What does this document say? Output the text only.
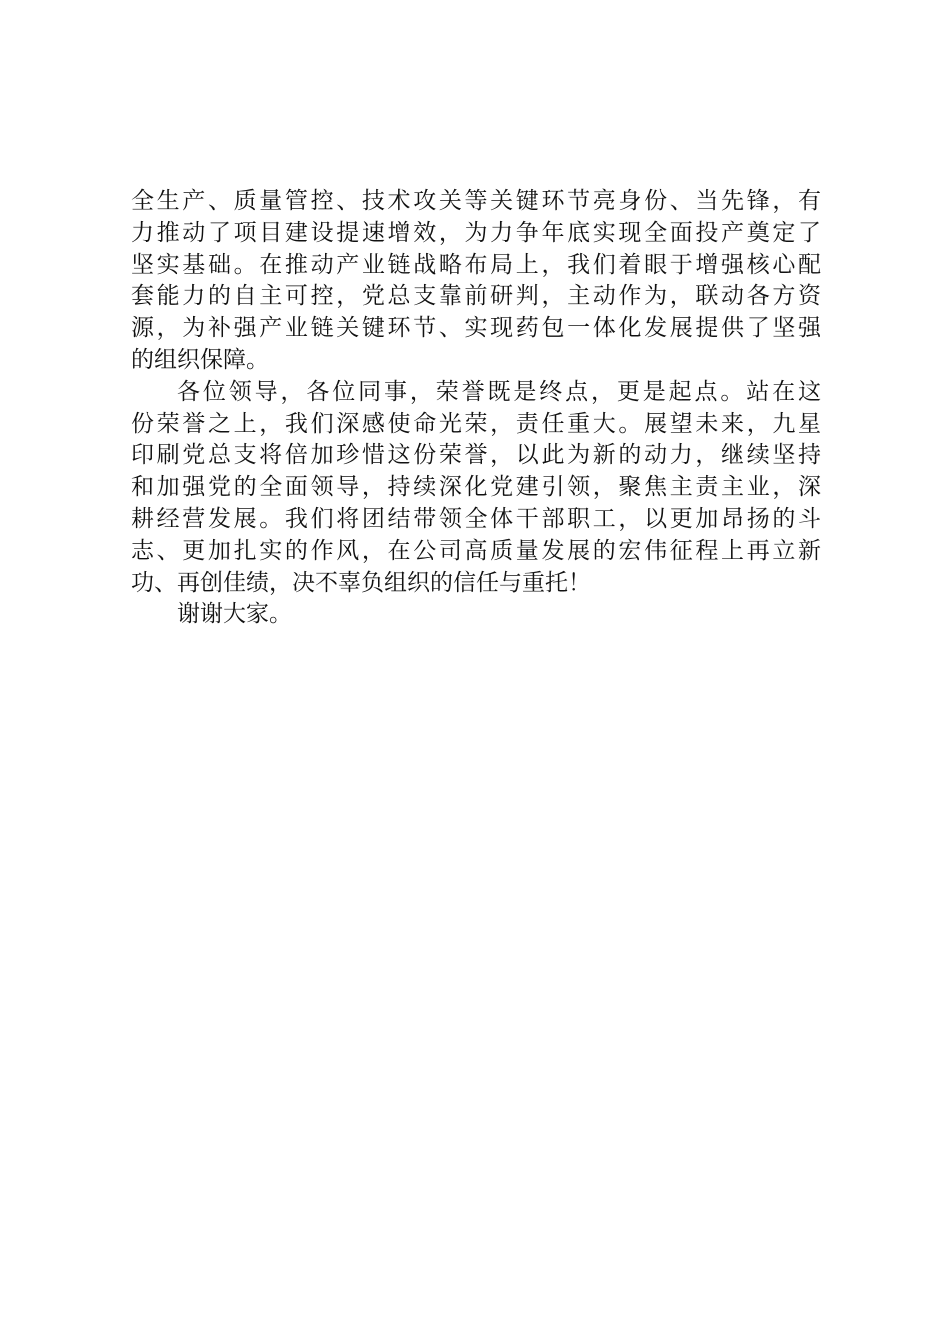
全生产、质量管控、技术攻关等关键环节亮身份、当先锋，有
力推动了项目建设提速增效，为力争年底实现全面投产奠定了
坚实基础。在推动产业链战略布局上，我们着眼于增强核心配
套能力的自主可控，党总支靠前研判，主动作为，联动各方资
源，为补强产业链关键环节、实现药包一体化发展提供了坚强
的组织保障。
各位领导，各位同事，荣誉既是终点，更是起点。站在这
份荣誉之上，我们深感使命光荣，责任重大。展望未来，九星
印刷党总支将倍加珍惜这份荣誉，以此为新的动力，继续坚持
和加强党的全面领导，持续深化党建引领，聚焦主责主业，深
耕经营发展。我们将团结带领全体干部职工，以更加昂扬的斗
志、更加扎实的作风，在公司高质量发展的宏伟征程上再立新
功、再创佳绩，决不辜负组织的信任与重托！
谢谢大家。
